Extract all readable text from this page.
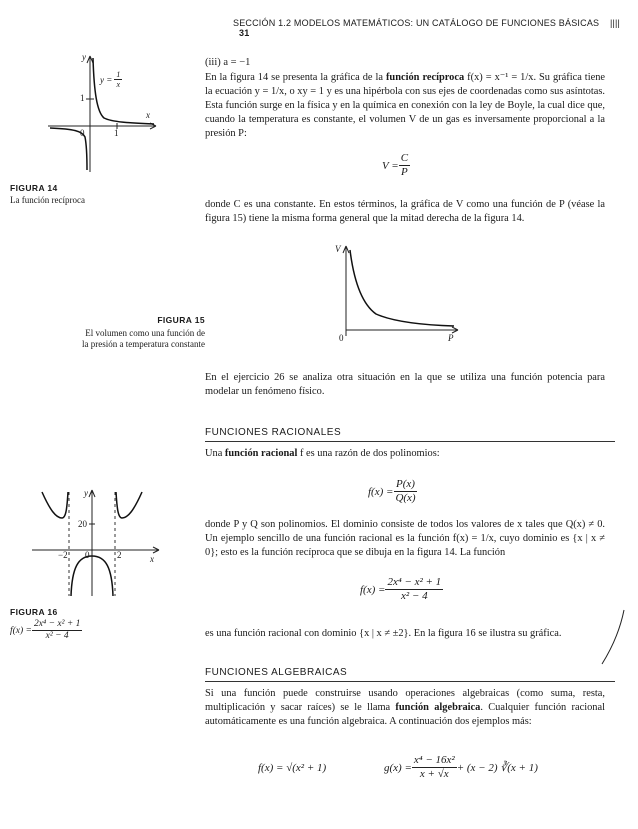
SECCIÓN 1.2 MODELOS MATEMÁTICOS: UN CATÁLOGO DE FUNCIONES BÁSICAS |||| 31
y
x
1
1
0
$y = \frac{1}{x}$
FIGURA 14
La función recíproca
(iii) a = −1

En la figura 14 se presenta la gráfica de la función recíproca f(x) = x⁻¹ = 1/x. Su gráfica tiene la ecuación y = 1/x, o xy = 1 y es una hipérbola con sus ejes de coordenadas como sus asíntotas. Esta función surge en la física y en la química en conexión con la ley de Boyle, la cual dice que, cuando la temperatura es constante, el volumen V de un gas es inversamente proporcional a la presión P:

$V = \frac{C}{P}$
donde C es una constante. En estos términos, la gráfica de V como una función de P (véase la figura 15) tiene la misma forma general que la mitad derecha de la figura 14.
V
P
0
FIGURA 15
El volumen como una función de
la presión a temperatura constante
En el ejercicio 26 se analiza otra situación en la que se utiliza una función potencia para modelar un fenómeno físico.
FUNCIONES RACIONALES

Una función racional f es una razón de dos polinomios:

$f(x) = \frac{P(x)}{Q(x)}$
donde P y Q son polinomios. El dominio consiste de todos los valores de x tales que Q(x) ≠ 0. Un ejemplo sencillo de una función racional es la función f(x) = 1/x, cuyo dominio es {x | x ≠ 0}; esto es la función recíproca que se dibuja en la figura 14. La función
$f(x) = \frac{\text{2x⁴ − x² + 1}}{\text{x² − 4}}$
es una función racional con dominio {x | x ≠ ±2}. En la figura 16 se ilustra su gráfica.
y
x
20
−2	2
0
FIGURA 16
$f(x) = \frac{\text{2x⁴ − x² + 1}}{\text{x² − 4}}$
FUNCIONES ALGEBRAICAS

Si una función puede construirse usando operaciones algebraicas (como suma, resta, multiplicación y sacar raíces) se le llama función algebraica. Cualquier función racional automáticamente es una función algebraica. A continuación dos ejemplos más:

f(x) = √(x² + 1)	$g(x) = \frac{\text{x⁴ − 16x²}}{x + √x} + (x - 2)$ ∛(x + 1)
